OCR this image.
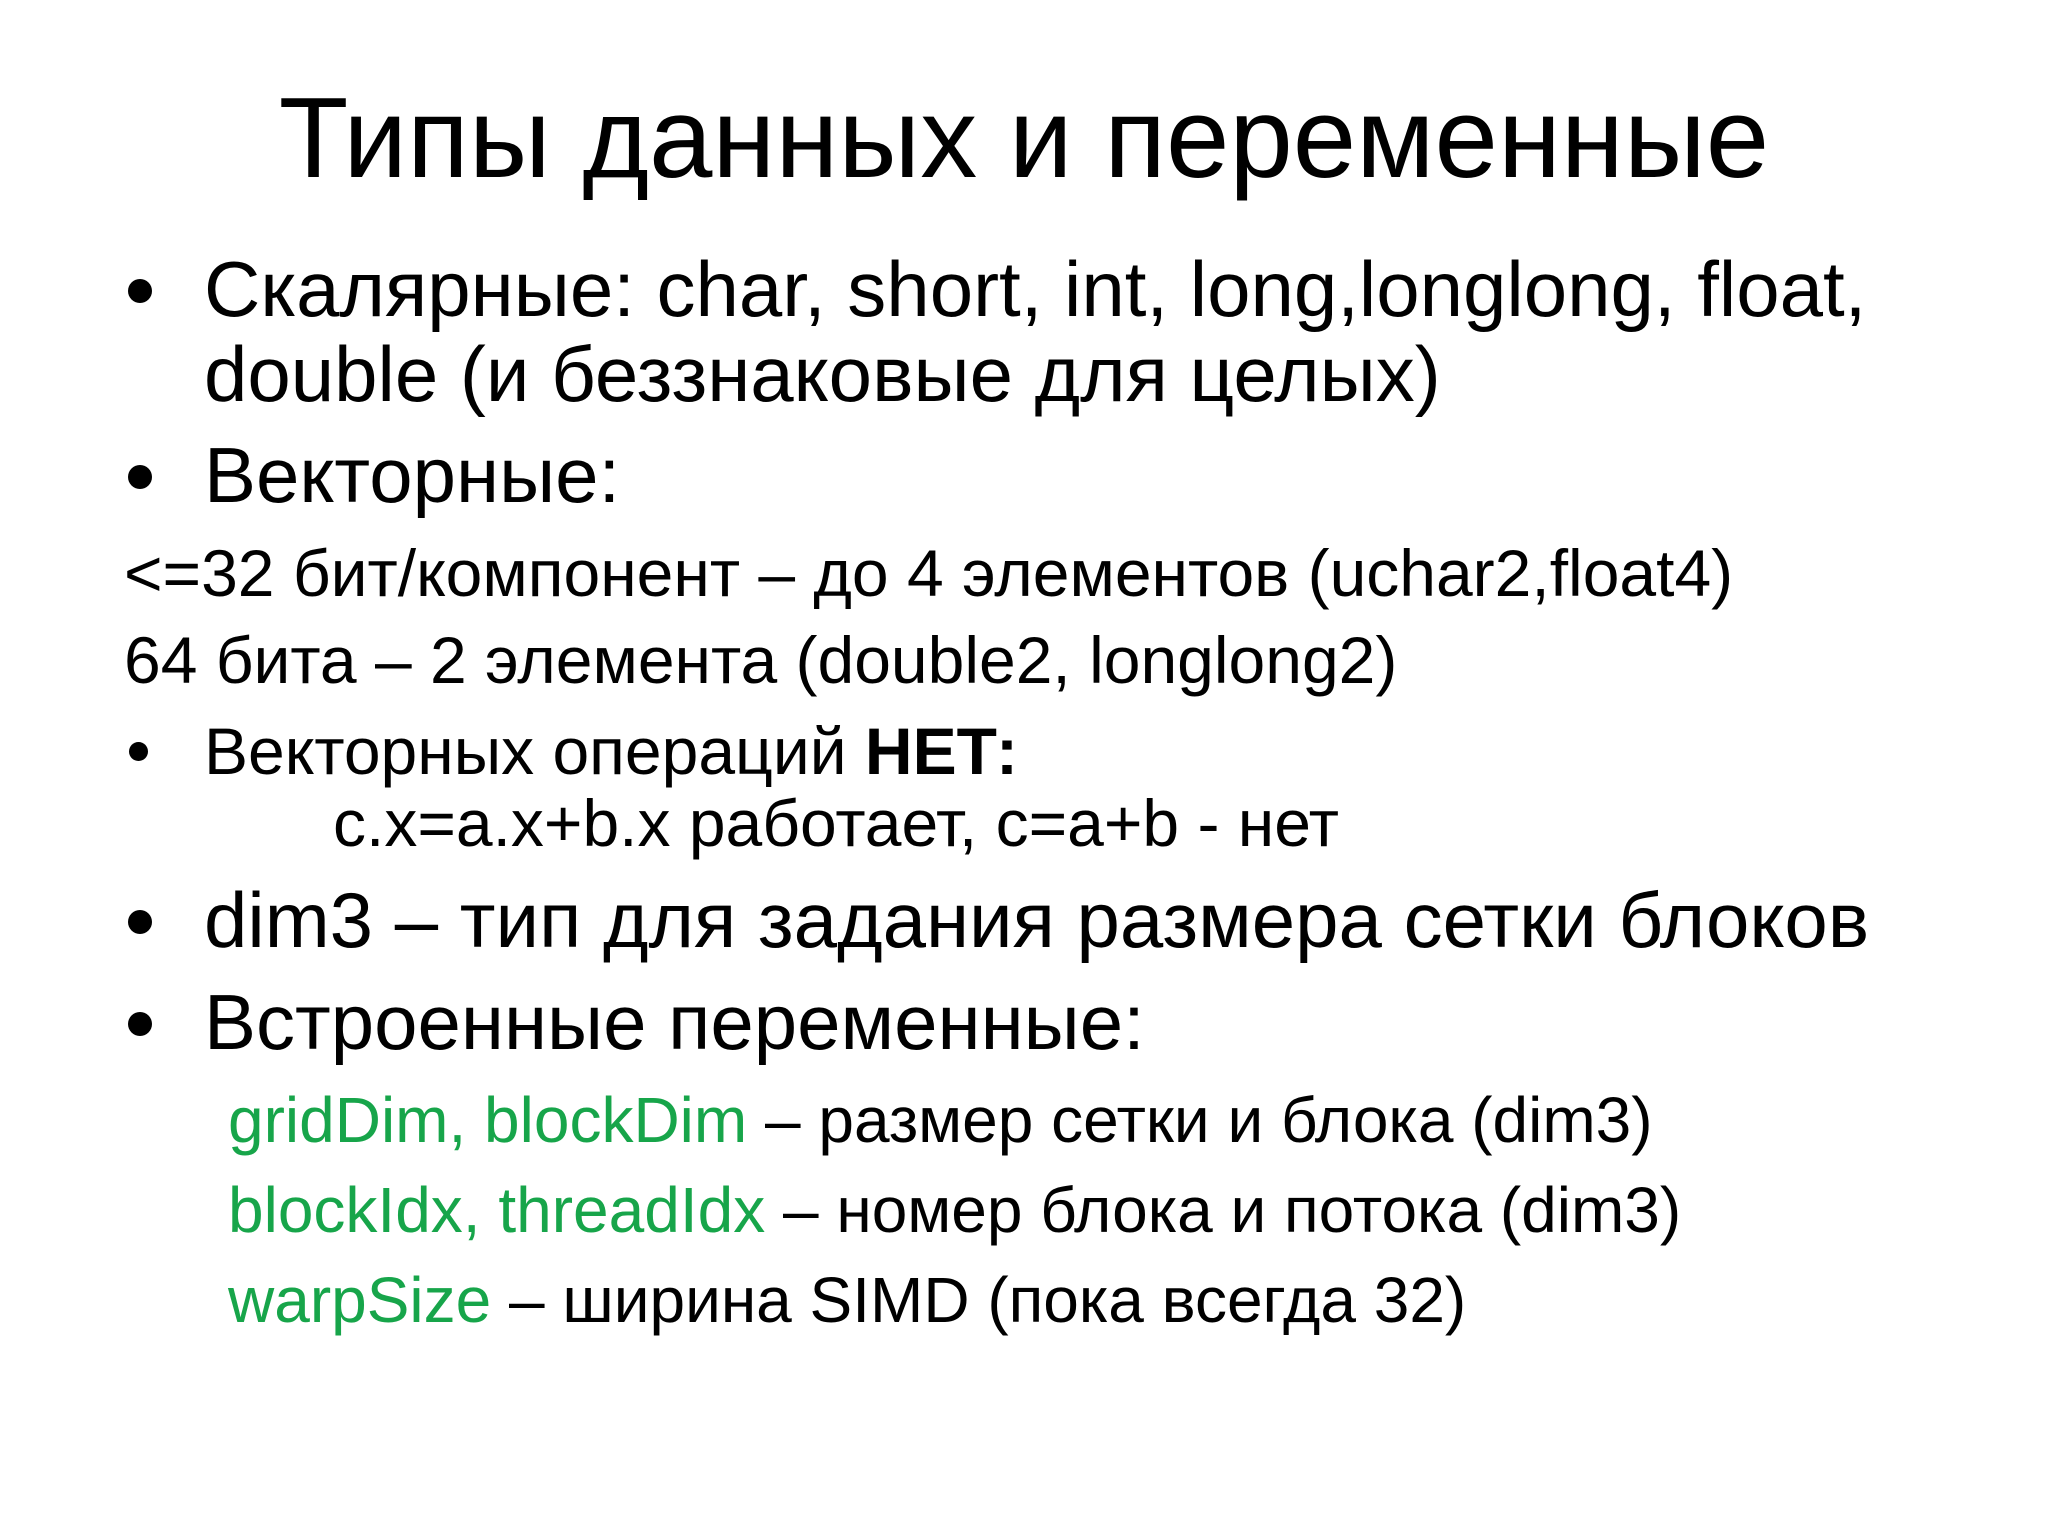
Типы данных и переменные
Скалярные: char, short, int, long,longlong, float,
double (и беззнаковые для целых)
Векторные:
<=32 бит/компонент – до 4 элементов (uchar2,float4)
64 бита – 2 элемента (double2, longlong2)
Векторных операций НЕТ:
c.x=a.x+b.x работает, c=a+b - нет
dim3 – тип для задания размера сетки блоков
Встроенные переменные:
gridDim, blockDim – размер сетки и блока (dim3)
blockIdx, threadIdx – номер блока и потока (dim3)
warpSize – ширина SIMD (пока всегда 32)
